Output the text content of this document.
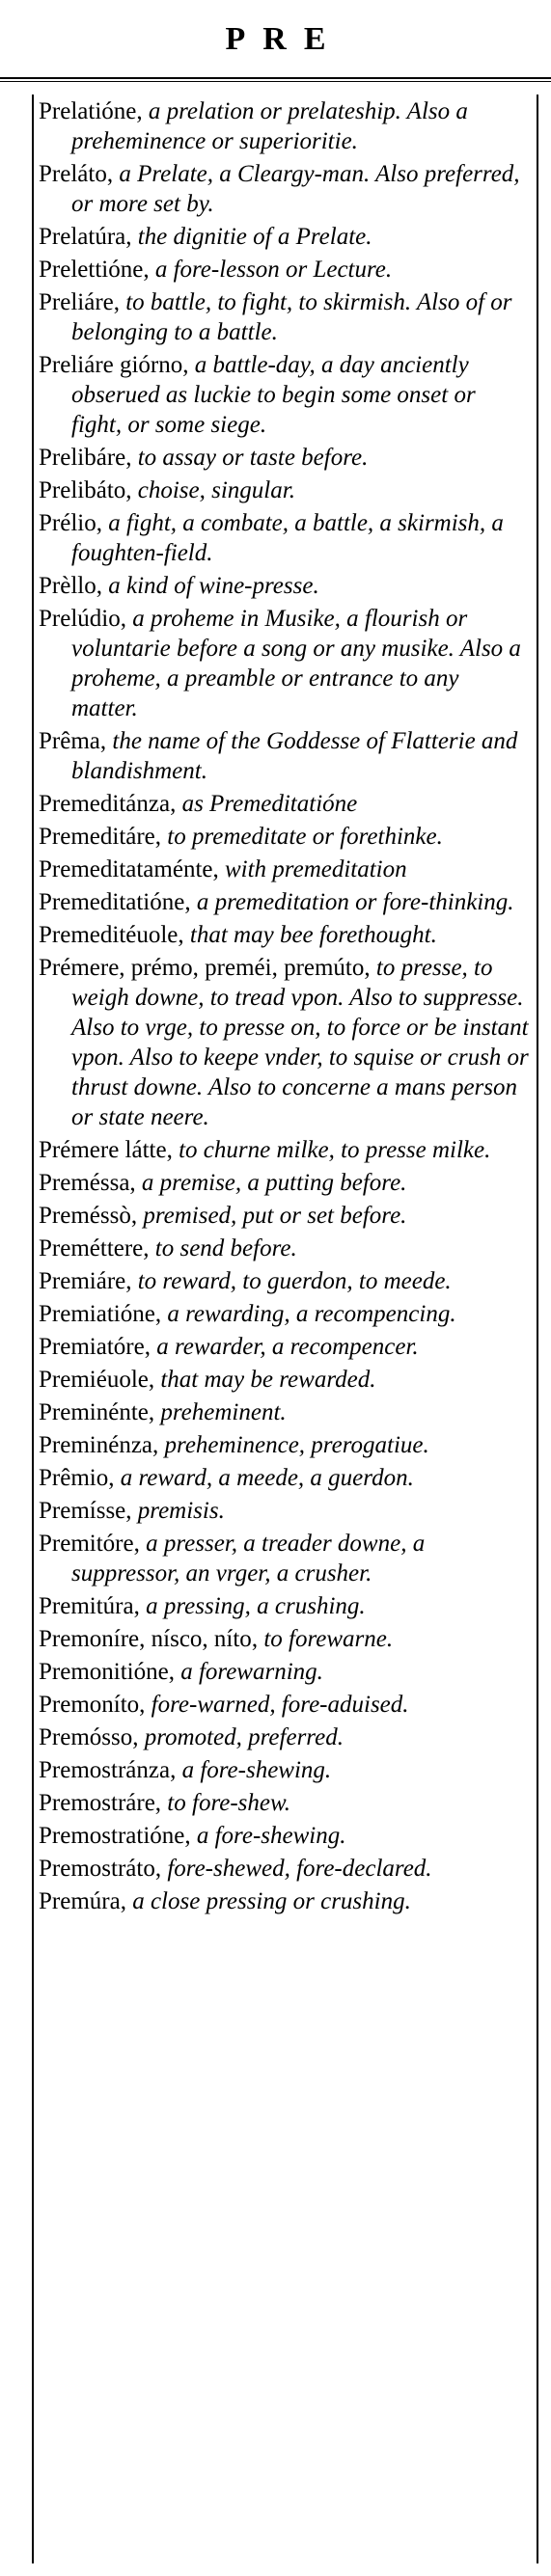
PRE

Prelatióne, a prelation or prelateship. Also a preheminence or superioritie.

Preláto, a Prelate, a Cleargy-man. Also preferred, or more set by.

Prelatúra, the dignitie of a Prelate.

Prelettióne, a fore-lesson or Lecture.

Preliáre, to battle, to fight, to skirmish. Also of or belonging to a battle.

Preliáre giórno, a battle-day, a day anciently obserued as luckie to begin some onset or fight, or some siege.

Prelibáre, to assay or taste before.

Prelibáto, choise, singular.

Prélio, a fight, a combate, a battle, a skirmish, a foughten-field.

Prèllo, a kind of wine-presse.

Prelúdio, a proheme in Musike, a flourish or voluntarie before a song or any musike. Also a proheme, a preamble or entrance to any matter.

Prêma, the name of the Goddesse of Flatterie and blandishment.

Premeditánza, as Premeditatióne

Premeditáre, to premeditate or forethinke.

Premeditataménte, with premeditation

Premeditatióne, a premeditation or fore-thinking.

Premeditéuole, that may bee forethought.

Prémere, prémo, preméi, premúto, to presse, to weigh downe, to tread vpon. Also to suppresse. Also to vrge, to presse on, to force or be instant vpon. Also to keepe vnder, to squise or crush or thrust downe. Also to concerne a mans person or state neere.

Prémere látte, to churne milke, to presse milke.

Preméssa, a premise, a putting before.

Preméssò, premised, put or set before.

Preméttere, to send before.

Premiáre, to reward, to guerdon, to meede.

Premiatióne, a rewarding, a recompencing.

Premiatóre, a rewarder, a recompencer.

Premiéuole, that may be rewarded.

Preminénte, preheminent.

Preminénza, preheminence, prerogatiue.

Prêmio, a reward, a meede, a guerdon.

Premísse, premisis.

Premitóre, a presser, a treader downe, a suppressor, an vrger, a crusher.

Premitúra, a pressing, a crushing.

Premoníre, nísco, níto, to forewarne.

Premonitióne, a forewarning.

Premoníto, fore-warned, fore-aduised.

Premósso, promoted, preferred.

Premostránza, a fore-shewing.

Premostráre, to fore-shew.

Premostratióne, a fore-shewing.

Premostráto, fore-shewed, fore-declared.

Premúra, a close pressing or crushing.
